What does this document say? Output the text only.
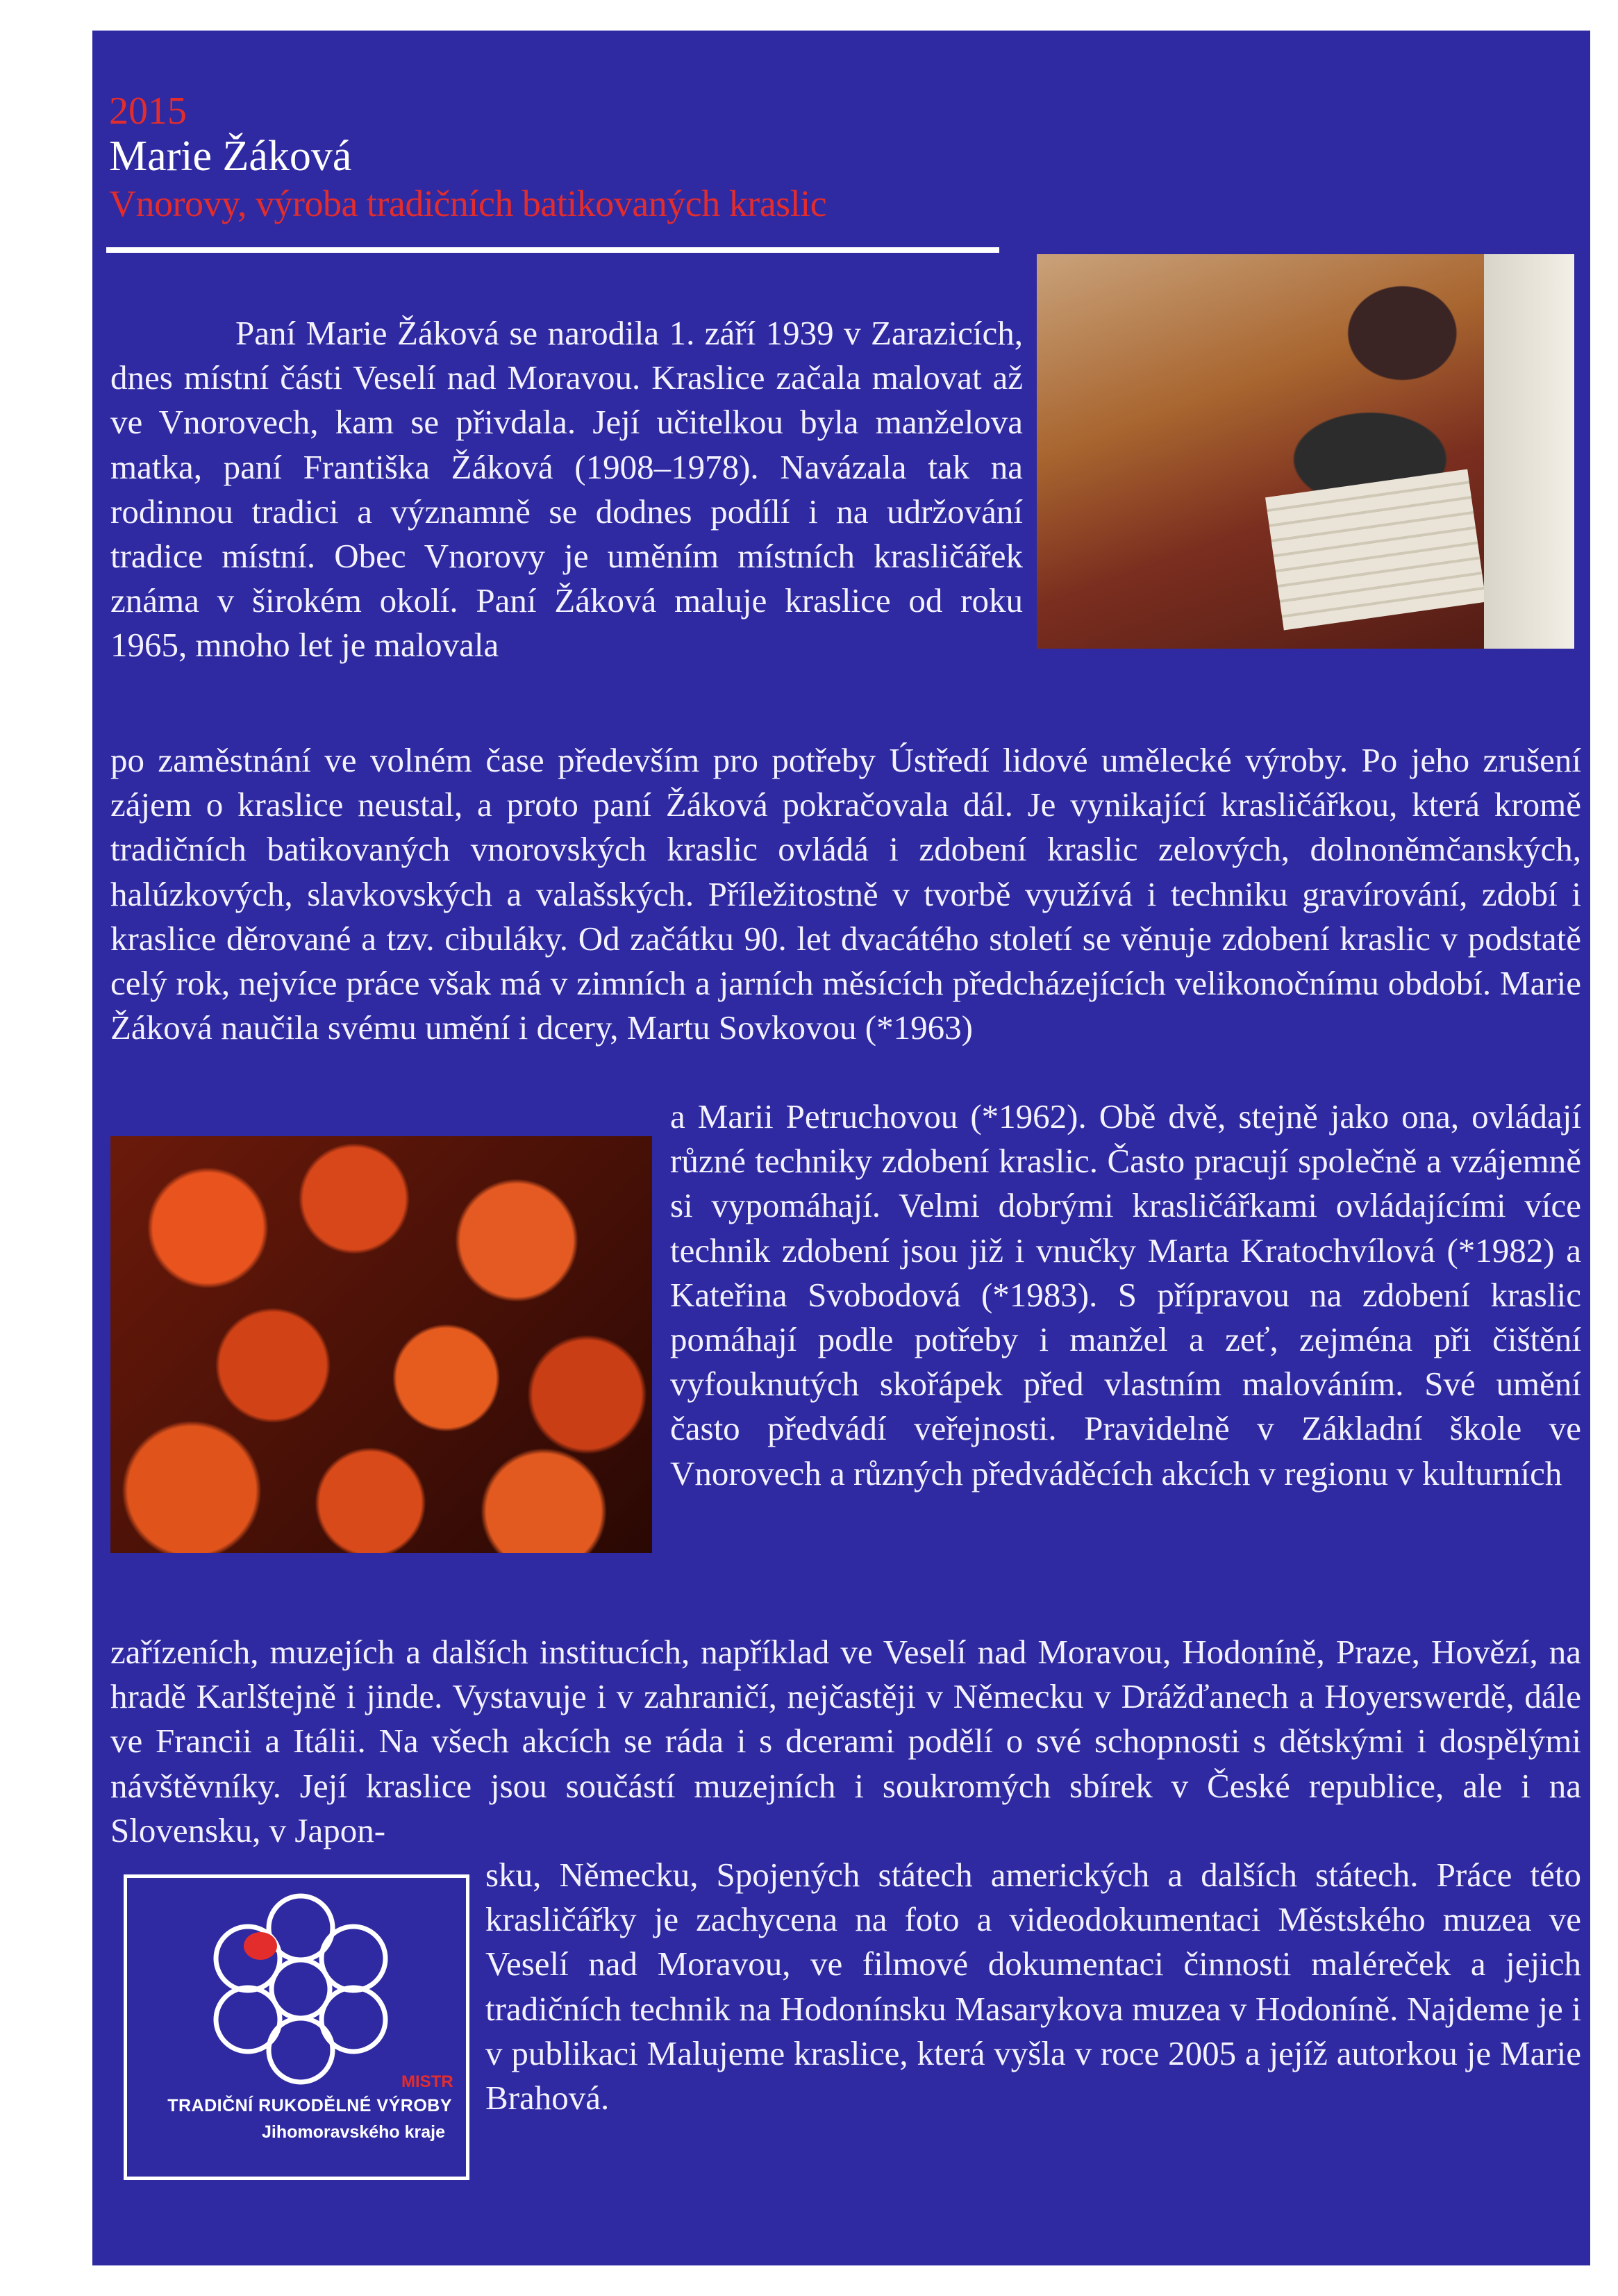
2015
Marie Žáková
Vnorovy, výroba tradičních batikovaných kraslic
Paní Marie Žáková se narodila 1. září 1939 v Zarazicích, dnes místní části Veselí nad Moravou. Kraslice začala malovat až ve Vnorovech, kam se přivdala. Její učitelkou byla manželova matka, paní Františka Žáková (1908–1978). Navázala tak na rodinnou tradici a významně se dodnes podílí i na udržování tradice místní. Obec Vnorovy je uměním místních krasličářek známa v širokém okolí. Paní Žáková maluje kraslice od roku 1965, mnoho let je malovala
po zaměstnání ve volném čase především pro potřeby Ústředí lidové umělecké výroby. Po jeho zrušení zájem o kraslice neustal, a proto paní Žáková pokračovala dál. Je vynikající krasličářkou, která kromě tradičních batikovaných vnorovských kraslic ovládá i zdobení kraslic zelových, dolnoněmčanských, halúzkových, slavkovských a valašských. Příležitostně v tvorbě využívá i techniku gravírování, zdobí i kraslice děrované a tzv. cibuláky. Od začátku 90. let dvacátého století se věnuje zdobení kraslic v podstatě celý rok, nejvíce práce však má v zimních a jarních měsících předcházejících velikonočnímu období. Marie Žáková naučila svému umění i dcery, Martu Sovkovou (*1963)
a Marii Petruchovou (*1962). Obě dvě, stejně jako ona, ovládají různé techniky zdobení kraslic. Často pracují společně a vzájemně si vypomáhají. Velmi dobrými krasličářkami ovládajícími více technik zdobení jsou již i vnučky Marta Kratochvílová (*1982) a Kateřina Svobodová (*1983). S přípravou na zdobení kraslic pomáhají podle potřeby i manžel a zeť, zejména při čištění vyfouknutých skořápek před vlastním malováním. Své umění často předvádí veřejnosti. Pravidelně v Základní škole ve Vnorovech a různých předváděcích akcích v regionu v kulturních
zařízeních, muzejích a dalších institucích, například ve Veselí nad Moravou, Hodoníně, Praze, Hovězí, na hradě Karlštejně i jinde. Vystavuje i v zahraničí, nejčastěji v Německu v Drážďanech a Hoyerswerdě, dále ve Francii a Itálii. Na všech akcích se ráda i s dcerami podělí o své schopnosti s dětskými i dospělými návštěvníky. Její kraslice jsou součástí muzejních i soukromých sbírek v České republice, ale i na Slovensku, v Japon-
MISTR
TRADIČNÍ RUKODĚLNÉ VÝROBY
Jihomoravského kraje
sku, Německu, Spojených státech amerických a dalších státech. Práce této krasličářky je zachycena na foto a videodokumentaci Městského muzea ve Veselí nad Moravou, ve filmové dokumentaci činnosti maléreček a jejich tradičních technik na Hodonínsku Masarykova muzea v Hodoníně. Najdeme je i v publikaci Malujeme kraslice, která vyšla v roce 2005 a jejíž autorkou je Marie Brahová.
